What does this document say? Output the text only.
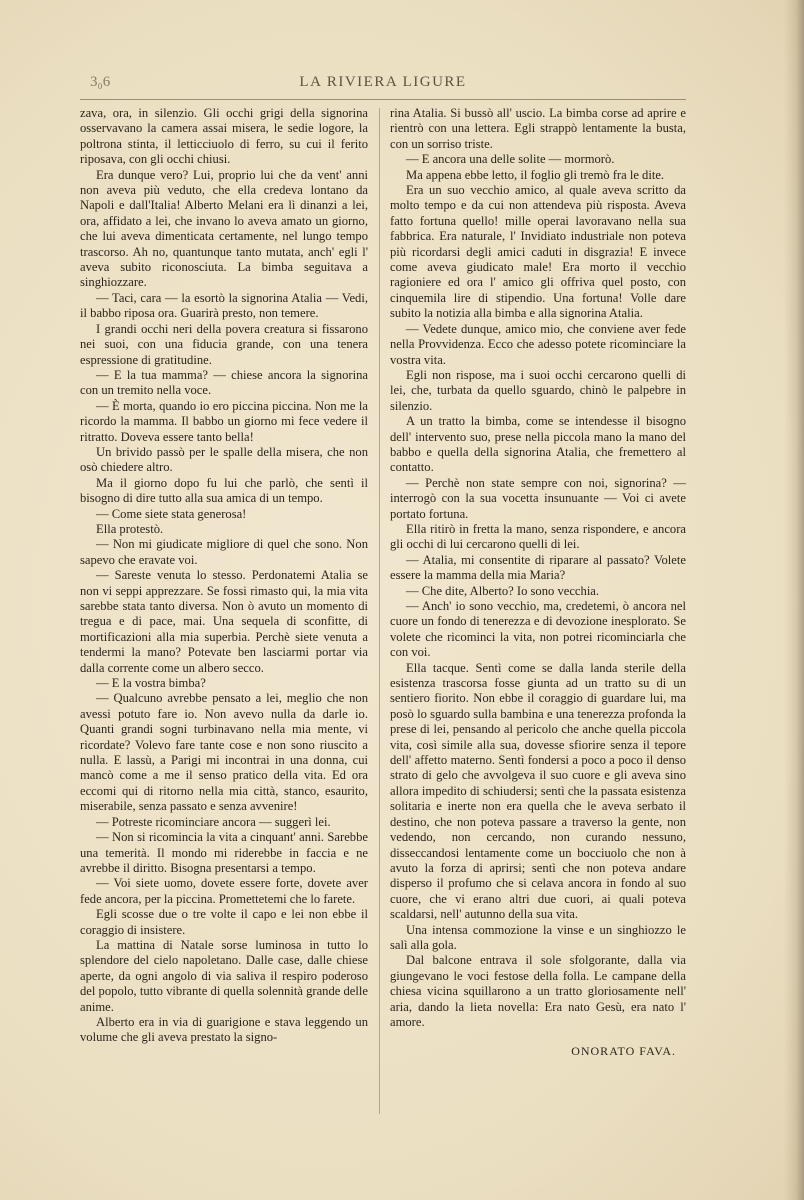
3₀6	LA RIVIERA LIGURE

zava, ora, in silenzio. Gli occhi grigi della signorina osservavano la camera assai misera, le sedie logore, la poltrona stinta, il letticciuolo di ferro, su cui il ferito riposava, con gli occhi chiusi.

Era dunque vero? Lui, proprio lui che da vent' anni non aveva più veduto, che ella credeva lontano da Napoli e dall'Italia! Alberto Melani era lì dinanzi a lei, ora, affidato a lei, che invano lo aveva amato un giorno, che lui aveva dimenticata certamente, nel lungo tempo trascorso. Ah no, quantunque tanto mutata, anch' egli l' aveva subito riconosciuta. La bimba seguitava a singhiozzare.

— Taci, cara — la esortò la signorina Atalia — Vedi, il babbo riposa ora. Guarirà presto, non temere.

I grandi occhi neri della povera creatura si fissarono nei suoi, con una fiducia grande, con una tenera espressione di gratitudine.

— E la tua mamma? — chiese ancora la signorina con un tremito nella voce.

— È morta, quando io ero piccina piccina. Non me la ricordo la mamma. Il babbo un giorno mi fece vedere il ritratto. Doveva essere tanto bella!

Un brivido passò per le spalle della misera, che non osò chiedere altro.

Ma il giorno dopo fu lui che parlò, che sentì il bisogno di dire tutto alla sua amica di un tempo.

— Come siete stata generosa!

Ella protestò.

— Non mi giudicate migliore di quel che sono. Non sapevo che eravate voi.

— Sareste venuta lo stesso. Perdonatemi Atalia se non vi seppi apprezzare. Se fossi rimasto qui, la mia vita sarebbe stata tanto diversa. Non ò avuto un momento di tregua e di pace, mai. Una sequela di sconfitte, di mortificazioni alla mia superbia. Perchè siete venuta a tendermi la mano? Potevate ben lasciarmi portar via dalla corrente come un albero secco.

— E la vostra bimba?

— Qualcuno avrebbe pensato a lei, meglio che non avessi potuto fare io. Non avevo nulla da darle io. Quanti grandi sogni turbinavano nella mia mente, vi ricordate? Volevo fare tante cose e non sono riuscito a nulla. E lassù, a Parigi mi incontrai in una donna, cui mancò come a me il senso pratico della vita. Ed ora eccomi qui di ritorno nella mia città, stanco, esaurito, miserabile, senza passato e senza avvenire!

— Potreste ricominciare ancora — suggerì lei.

— Non si ricomincia la vita a cinquant' anni. Sarebbe una temerità. Il mondo mi riderebbe in faccia e ne avrebbe il diritto. Bisogna presentarsi a tempo.

— Voi siete uomo, dovete essere forte, dovete aver fede ancora, per la piccina. Promettetemi che lo farete.

Egli scosse due o tre volte il capo e lei non ebbe il coraggio di insistere.

La mattina di Natale sorse luminosa in tutto lo splendore del cielo napoletano. Dalle case, dalle chiese aperte, da ogni angolo di via saliva il respiro poderoso del popolo, tutto vibrante di quella solennità grande delle anime.

Alberto era in via di guarigione e stava leggendo un volume che gli aveva prestato la signo-

rina Atalia. Si bussò all' uscio. La bimba corse ad aprire e rientrò con una lettera. Egli strappò lentamente la busta, con un sorriso triste.

— E ancora una delle solite — mormorò.

Ma appena ebbe letto, il foglio gli tremò fra le dite.

Era un suo vecchio amico, al quale aveva scritto da molto tempo e da cui non attendeva più risposta. Aveva fatto fortuna quello! mille operai lavoravano nella sua fabbrica. Era naturale, l' Invidiato industriale non poteva più ricordarsi degli amici caduti in disgrazia! E invece come aveva giudicato male! Era morto il vecchio ragioniere ed ora l' amico gli offriva quel posto, con cinquemila lire di stipendio. Una fortuna! Volle dare subito la notizia alla bimba e alla signorina Atalia.

— Vedete dunque, amico mio, che conviene aver fede nella Provvidenza. Ecco che adesso potete ricominciare la vostra vita.

Egli non rispose, ma i suoi occhi cercarono quelli di lei, che, turbata da quello sguardo, chinò le palpebre in silenzio.

A un tratto la bimba, come se intendesse il bisogno dell' intervento suo, prese nella piccola mano la mano del babbo e quella della signorina Atalia, che fremettero al contatto.

— Perchè non state sempre con noi, signorina? — interrogò con la sua vocetta insunuante — Voi ci avete portato fortuna.

Ella ritirò in fretta la mano, senza rispondere, e ancora gli occhi di lui cercarono quelli di lei.

— Atalia, mi consentite di riparare al passato? Volete essere la mamma della mia Maria?

— Che dite, Alberto? Io sono vecchia.

— Anch' io sono vecchio, ma, credetemi, ò ancora nel cuore un fondo di tenerezza e di devozione inesplorato. Se volete che ricominci la vita, non potrei ricominciarla che con voi.

Ella tacque. Sentì come se dalla landa sterile della esistenza trascorsa fosse giunta ad un tratto su di un sentiero fiorito. Non ebbe il coraggio di guardare lui, ma posò lo sguardo sulla bambina e una tenerezza profonda la prese di lei, pensando al pericolo che anche quella piccola vita, così simile alla sua, dovesse sfiorire senza il tepore dell' affetto materno. Sentì fondersi a poco a poco il denso strato di gelo che avvolgeva il suo cuore e gli aveva sino allora impedito di schiudersi; sentì che la passata esistenza solitaria e inerte non era quella che le aveva serbato il destino, che non poteva passare a traverso la gente, non vedendo, non cercando, non curando nessuno, disseccandosi lentamente come un bocciuolo che non à avuto la forza di aprirsi; sentì che non poteva andare disperso il profumo che si celava ancora in fondo al suo cuore, che vi erano altri due cuori, ai quali poteva scaldarsi, nell' autunno della sua vita.

Una intensa commozione la vinse e un singhiozzo le salì alla gola.

Dal balcone entrava il sole sfolgorante, dalla via giungevano le voci festose della folla. Le campane della chiesa vicina squillarono a un tratto gloriosamente nell' aria, dando la lieta novella: Era nato Gesù, era nato l' amore.

ONORATO FAVA.
